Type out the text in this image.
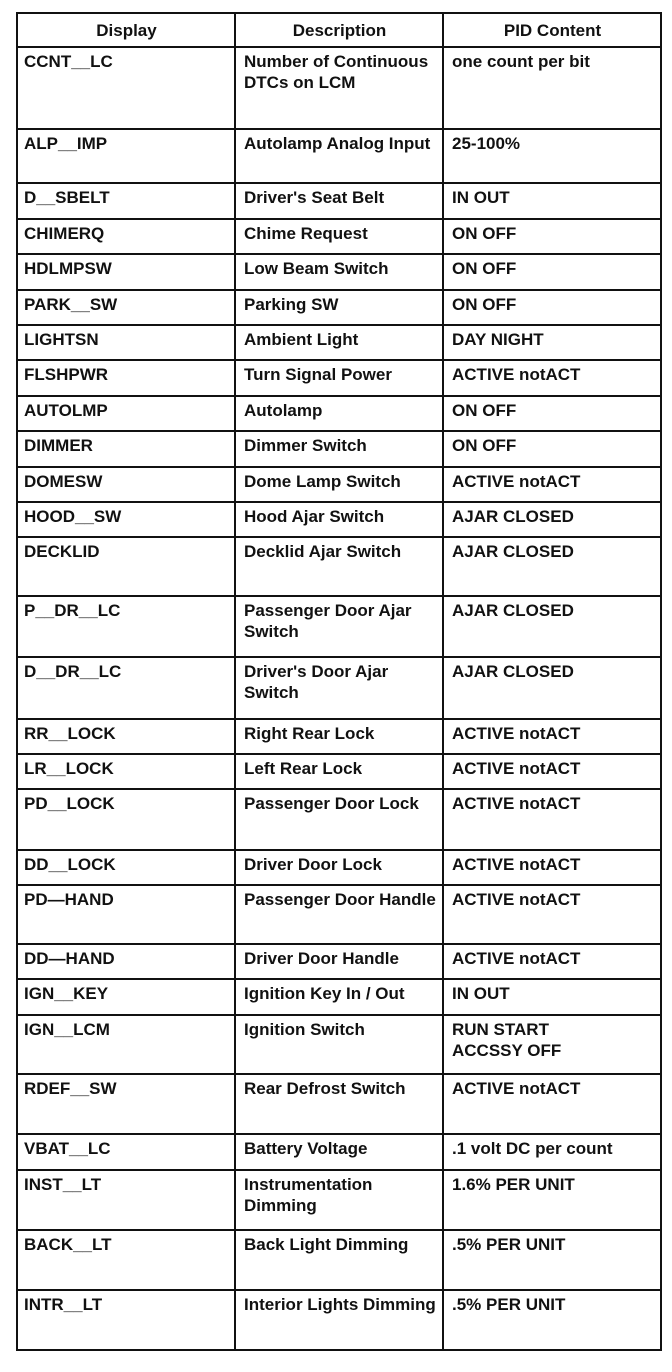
Display	Description	PID Content
CCNT__LC	Number of Continuous DTCs on LCM	one count per bit
ALP__IMP	Autolamp Analog Input	25-100%
D__SBELT	Driver's Seat Belt	IN OUT
CHIMERQ	Chime Request	ON OFF
HDLMPSW	Low Beam Switch	ON OFF
PARK__SW	Parking SW	ON OFF
LIGHTSN	Ambient Light	DAY NIGHT
FLSHPWR	Turn Signal Power	ACTIVE notACT
AUTOLMP	Autolamp	ON OFF
DIMMER	Dimmer Switch	ON OFF
DOMESW	Dome Lamp Switch	ACTIVE notACT
HOOD__SW	Hood Ajar Switch	AJAR CLOSED
DECKLID	Decklid Ajar Switch	AJAR CLOSED
P__DR__LC	Passenger Door Ajar Switch	AJAR CLOSED
D__DR__LC	Driver's Door Ajar Switch	AJAR CLOSED
RR__LOCK	Right Rear Lock	ACTIVE notACT
LR__LOCK	Left Rear Lock	ACTIVE notACT
PD__LOCK	Passenger Door Lock	ACTIVE notACT
DD__LOCK	Driver Door Lock	ACTIVE notACT
PD—HAND	Passenger Door Handle	ACTIVE notACT
DD—HAND	Driver Door Handle	ACTIVE notACT
IGN__KEY	Ignition Key In / Out	IN OUT
IGN__LCM	Ignition Switch	RUN START
ACCSSY OFF
RDEF__SW	Rear Defrost Switch	ACTIVE notACT
VBAT__LC	Battery Voltage	.1 volt DC per count
INST__LT	Instrumentation Dimming	1.6% PER UNIT
BACK__LT	Back Light Dimming	.5% PER UNIT
INTR__LT	Interior Lights Dimming	.5% PER UNIT
